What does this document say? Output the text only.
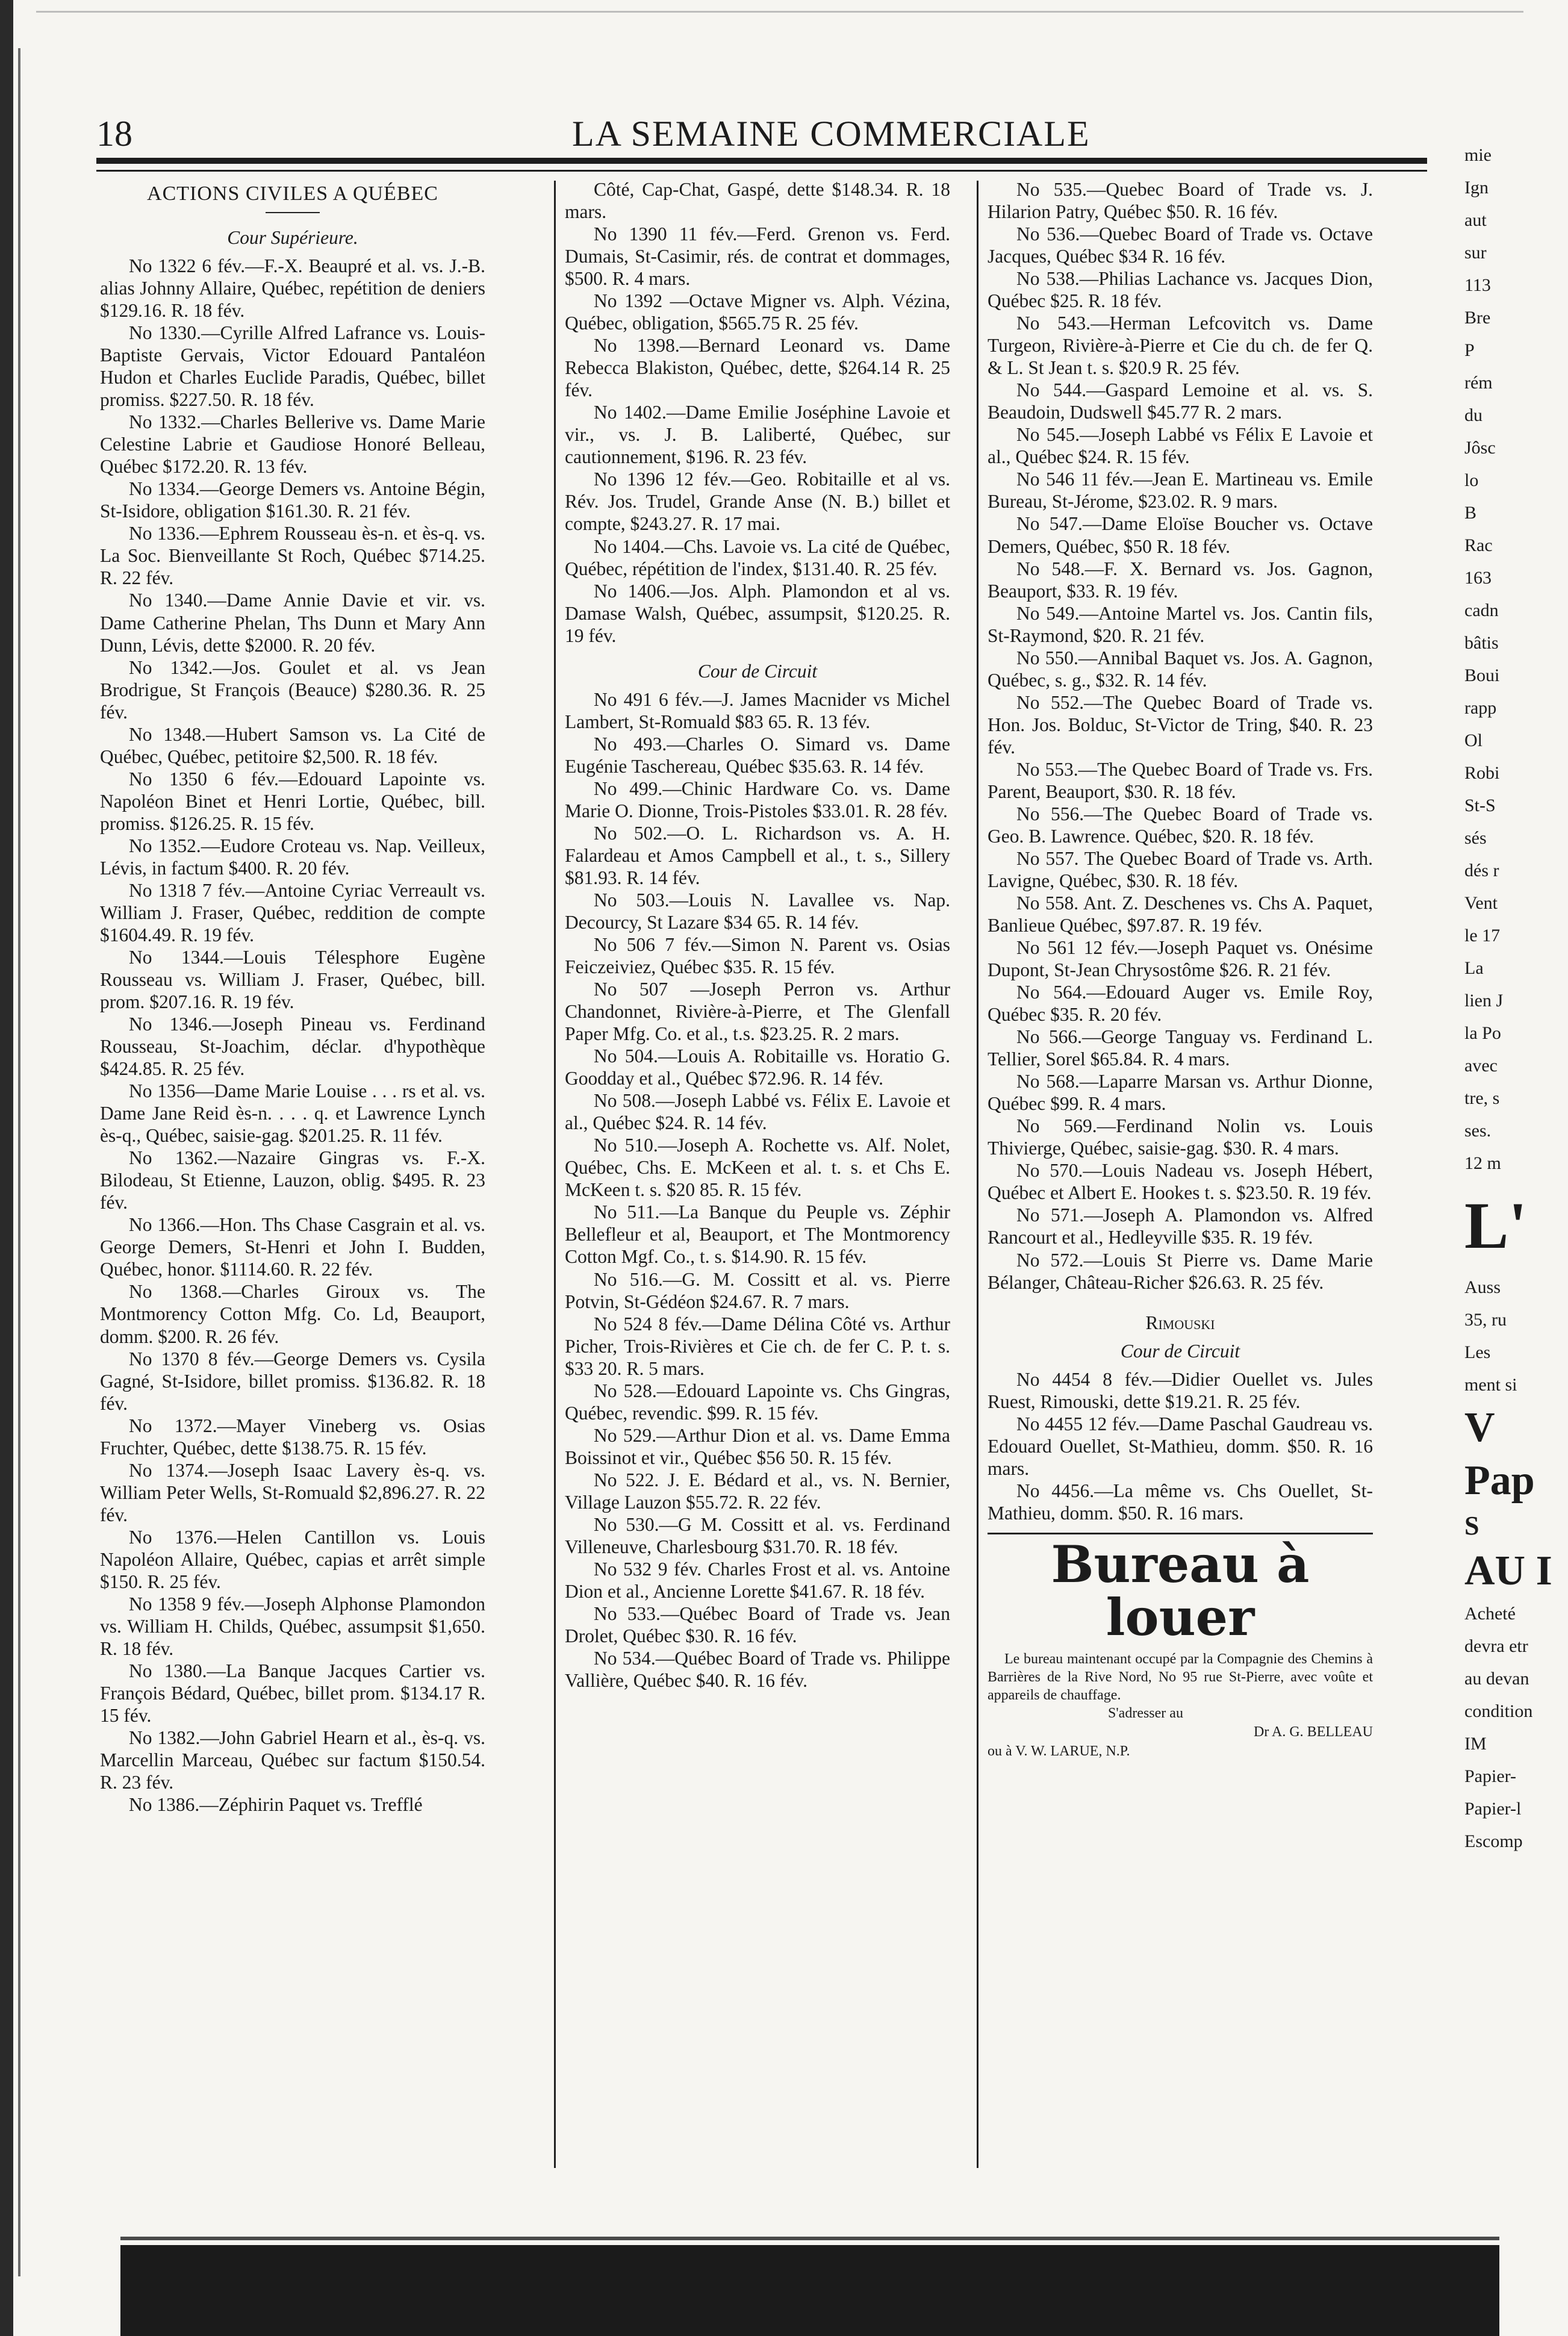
18	LA SEMAINE COMMERCIALE

ACTIONS CIVILES A QUÉBEC

Cour Supérieure.

No 1322 6 fév.—F.-X. Beaupré et al. vs. J.-B. alias Johnny Allaire, Québec, repétition de deniers $129.16. R. 18 fév.

No 1330.—Cyrille Alfred Lafrance vs. Louis-Baptiste Gervais, Victor Edouard Pantaléon Hudon et Charles Euclide Paradis, Québec, billet promiss. $227.50. R. 18 fév.

No 1332.—Charles Bellerive vs. Dame Marie Celestine Labrie et Gaudiose Honoré Belleau, Québec $172.20. R. 13 fév.

No 1334.—George Demers vs. Antoine Bégin, St-Isidore, obligation $161.30. R. 21 fév.

No 1336.—Ephrem Rousseau ès-n. et ès-q. vs. La Soc. Bienveillante St Roch, Québec $714.25. R. 22 fév.

No 1340.—Dame Annie Davie et vir. vs. Dame Catherine Phelan, Ths Dunn et Mary Ann Dunn, Lévis, dette $2000. R. 20 fév.

No 1342.—Jos. Goulet et al. vs Jean Brodrigue, St François (Beauce) $280.36. R. 25 fév.

No 1348.—Hubert Samson vs. La Cité de Québec, Québec, petitoire $2,500. R. 18 fév.

No 1350 6 fév.—Edouard Lapointe vs. Napoléon Binet et Henri Lortie, Québec, bill. promiss. $126.25. R. 15 fév.

No 1352.—Eudore Croteau vs. Nap. Veilleux, Lévis, in factum $400. R. 20 fév.

No 1318 7 fév.—Antoine Cyriac Verreault vs. William J. Fraser, Québec, reddition de compte $1604.49. R. 19 fév.

No 1344.—Louis Télesphore Eugène Rousseau vs. William J. Fraser, Québec, bill. prom. $207.16. R. 19 fév.

No 1346.—Joseph Pineau vs. Ferdinand Rousseau, St-Joachim, déclar. d'hypothèque $424.85. R. 25 fév.

No 1356—Dame Marie Louise . . . rs et al. vs. Dame Jane Reid ès-n. . . . q. et Lawrence Lynch ès-q., Québec, saisie-gag. $201.25. R. 11 fév.

No 1362.—Nazaire Gingras vs. F.-X. Bilodeau, St Etienne, Lauzon, oblig. $495. R. 23 fév.

No 1366.—Hon. Ths Chase Casgrain et al. vs. George Demers, St-Henri et John I. Budden, Québec, honor. $1114.60. R. 22 fév.

No 1368.—Charles Giroux vs. The Montmorency Cotton Mfg. Co. Ld, Beauport, domm. $200. R. 26 fév.

No 1370 8 fév.—George Demers vs. Cysila Gagné, St-Isidore, billet promiss. $136.82. R. 18 fév.

No 1372.—Mayer Vineberg vs. Osias Fruchter, Québec, dette $138.75. R. 15 fév.

No 1374.—Joseph Isaac Lavery ès-q. vs. William Peter Wells, St-Romuald $2,896.27. R. 22 fév.

No 1376.—Helen Cantillon vs. Louis Napoléon Allaire, Québec, capias et arrêt simple $150. R. 25 fév.

No 1358 9 fév.—Joseph Alphonse Plamondon vs. William H. Childs, Québec, assumpsit $1,650. R. 18 fév.

No 1380.—La Banque Jacques Cartier vs. François Bédard, Québec, billet prom. $134.17 R. 15 fév.

No 1382.—John Gabriel Hearn et al., ès-q. vs. Marcellin Marceau, Québec sur factum $150.54. R. 23 fév.

No 1386.—Zéphirin Paquet vs. Trefflé

Côté, Cap-Chat, Gaspé, dette $148.34. R. 18 mars.

No 1390 11 fév.—Ferd. Grenon vs. Ferd. Dumais, St-Casimir, rés. de contrat et dommages, $500. R. 4 mars.

No 1392 —Octave Migner vs. Alph. Vézina, Québec, obligation, $565.75 R. 25 fév.

No 1398.—Bernard Leonard vs. Dame Rebecca Blakiston, Québec, dette, $264.14 R. 25 fév.

No 1402.—Dame Emilie Joséphine Lavoie et vir., vs. J. B. Laliberté, Québec, sur cautionnement, $196. R. 23 fév.

No 1396 12 fév.—Geo. Robitaille et al vs. Rév. Jos. Trudel, Grande Anse (N. B.) billet et compte, $243.27. R. 17 mai.

No 1404.—Chs. Lavoie vs. La cité de Québec, Québec, répétition de l'index, $131.40. R. 25 fév.

No 1406.—Jos. Alph. Plamondon et al vs. Damase Walsh, Québec, assumpsit, $120.25. R. 19 fév.

Cour de Circuit

No 491 6 fév.—J. James Macnider vs Michel Lambert, St-Romuald $83 65. R. 13 fév.

No 493.—Charles O. Simard vs. Dame Eugénie Taschereau, Québec $35.63. R. 14 fév.

No 499.—Chinic Hardware Co. vs. Dame Marie O. Dionne, Trois-Pistoles $33.01. R. 28 fév.

No 502.—O. L. Richardson vs. A. H. Falardeau et Amos Campbell et al., t. s., Sillery $81.93. R. 14 fév.

No 503.—Louis N. Lavallee vs. Nap. Decourcy, St Lazare $34 65. R. 14 fév.

No 506 7 fév.—Simon N. Parent vs. Osias Feiczeiviez, Québec $35. R. 15 fév.

No 507 —Joseph Perron vs. Arthur Chandonnet, Rivière-à-Pierre, et The Glenfall Paper Mfg. Co. et al., t.s. $23.25. R. 2 mars.

No 504.—Louis A. Robitaille vs. Horatio G. Goodday et al., Québec $72.96. R. 14 fév.

No 508.—Joseph Labbé vs. Félix E. Lavoie et al., Québec $24. R. 14 fév.

No 510.—Joseph A. Rochette vs. Alf. Nolet, Québec, Chs. E. McKeen et al. t. s. et Chs E. McKeen t. s. $20 85. R. 15 fév.

No 511.—La Banque du Peuple vs. Zéphir Bellefleur et al, Beauport, et The Montmorency Cotton Mgf. Co., t. s. $14.90. R. 15 fév.

No 516.—G. M. Cossitt et al. vs. Pierre Potvin, St-Gédéon $24.67. R. 7 mars.

No 524 8 fév.—Dame Délina Côté vs. Arthur Picher, Trois-Rivières et Cie ch. de fer C. P. t. s. $33 20. R. 5 mars.

No 528.—Edouard Lapointe vs. Chs Gingras, Québec, revendic. $99. R. 15 fév.

No 529.—Arthur Dion et al. vs. Dame Emma Boissinot et vir., Québec $56 50. R. 15 fév.

No 522. J. E. Bédard et al., vs. N. Bernier, Village Lauzon $55.72. R. 22 fév.

No 530.—G M. Cossitt et al. vs. Ferdinand Villeneuve, Charlesbourg $31.70. R. 18 fév.

No 532 9 fév. Charles Frost et al. vs. Antoine Dion et al., Ancienne Lorette $41.67. R. 18 fév.

No 533.—Québec Board of Trade vs. Jean Drolet, Québec $30. R. 16 fév.

No 534.—Québec Board of Trade vs. Philippe Vallière, Québec $40. R. 16 fév.

No 535.—Quebec Board of Trade vs. J. Hilarion Patry, Québec $50. R. 16 fév.

No 536.—Quebec Board of Trade vs. Octave Jacques, Québec $34 R. 16 fév.

No 538.—Philias Lachance vs. Jacques Dion, Québec $25. R. 18 fév.

No 543.—Herman Lefcovitch vs. Dame Turgeon, Rivière-à-Pierre et Cie du ch. de fer Q. & L. St Jean t. s. $20.9 R. 25 fév.

No 544.—Gaspard Lemoine et al. vs. S. Beaudoin, Dudswell $45.77 R. 2 mars.

No 545.—Joseph Labbé vs Félix E Lavoie et al., Québec $24. R. 15 fév.

No 546 11 fév.—Jean E. Martineau vs. Emile Bureau, St-Jérome, $23.02. R. 9 mars.

No 547.—Dame Eloïse Boucher vs. Octave Demers, Québec, $50 R. 18 fév.

No 548.—F. X. Bernard vs. Jos. Gagnon, Beauport, $33. R. 19 fév.

No 549.—Antoine Martel vs. Jos. Cantin fils, St-Raymond, $20. R. 21 fév.

No 550.—Annibal Baquet vs. Jos. A. Gagnon, Québec, s. g., $32. R. 14 fév.

No 552.—The Quebec Board of Trade vs. Hon. Jos. Bolduc, St-Victor de Tring, $40. R. 23 fév.

No 553.—The Quebec Board of Trade vs. Frs. Parent, Beauport, $30. R. 18 fév.

No 556.—The Quebec Board of Trade vs. Geo. B. Lawrence. Québec, $20. R. 18 fév.

No 557. The Quebec Board of Trade vs. Arth. Lavigne, Québec, $30. R. 18 fév.

No 558. Ant. Z. Deschenes vs. Chs A. Paquet, Banlieue Québec, $97.87. R. 19 fév.

No 561 12 fév.—Joseph Paquet vs. Onésime Dupont, St-Jean Chrysostôme $26. R. 21 fév.

No 564.—Edouard Auger vs. Emile Roy, Québec $35. R. 20 fév.

No 566.—George Tanguay vs. Ferdinand L. Tellier, Sorel $65.84. R. 4 mars.

No 568.—Laparre Marsan vs. Arthur Dionne, Québec $99. R. 4 mars.

No 569.—Ferdinand Nolin vs. Louis Thivierge, Québec, saisie-gag. $30. R. 4 mars.

No 570.—Louis Nadeau vs. Joseph Hébert, Québec et Albert E. Hookes t. s. $23.50. R. 19 fév.

No 571.—Joseph A. Plamondon vs. Alfred Rancourt et al., Hedleyville $35. R. 19 fév.

No 572.—Louis St Pierre vs. Dame Marie Bélanger, Château-Richer $26.63. R. 25 fév.

Rimouski

Cour de Circuit

No 4454 8 fév.—Didier Ouellet vs. Jules Ruest, Rimouski, dette $19.21. R. 25 fév.

No 4455 12 fév.—Dame Paschal Gaudreau vs. Edouard Ouellet, St-Mathieu, domm. $50. R. 16 mars.

No 4456.—La même vs. Chs Ouellet, St-Mathieu, domm. $50. R. 16 mars.

Bureau à louer
Le bureau maintenant occupé par la Compagnie des Chemins à Barrières de la Rive Nord, No 95 rue St-Pierre, avec voûte et appareils de chauffage.
S'adresser au
Dr A. G. BELLEAU
ou à V. W. LARUE, N.P.
mie
Ign
aut
sur
113
Bre
P
rém
du
Jôsc
lo
B
Rac
163
cadn
bâtis
Boui
rapp
Ol
Robi
St-S
sés
dés r
Vent
le 17
La
lien J
la Po
avec
tre, s
ses.
12 m
L'
Auss
35, ru
Les
ment si
V
Pap
S
AU I
Acheté
devra etr
au devan
condition
IM
Papier-
Papier-l
Escomp
